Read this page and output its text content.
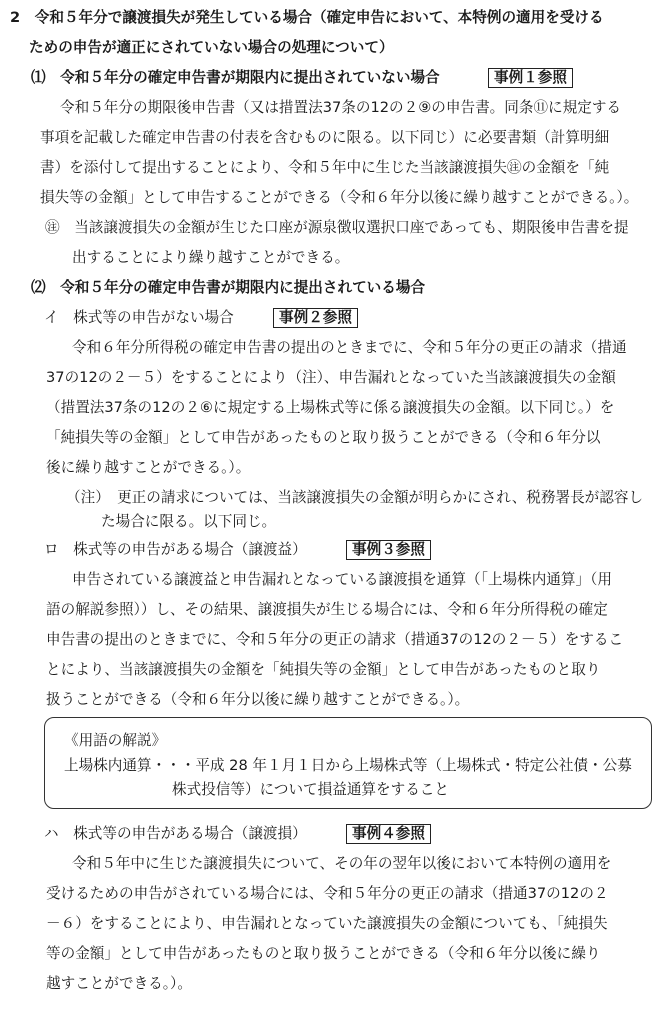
2　令和５年分で譲渡損失が発生している場合（確定申告において、本特例の適用を受ける
ための申告が適正にされていない場合の処理について）
⑴　令和５年分の確定申告書が期限内に提出されていない場合	事例１参照
令和５年分の期限後申告書（又は措置法37条の12の２⑨の申告書。同条⑪に規定する
事項を記載した確定申告書の付表を含むものに限る。以下同じ）に必要書類（計算明細
書）を添付して提出することにより、令和５年中に生じた当該譲渡損失㊟の金額を「純
損失等の金額」として申告することができる（令和６年分以後に繰り越すことができる。）。
㊟　当該譲渡損失の金額が生じた口座が源泉徴収選択口座であっても、期限後申告書を提
出することにより繰り越すことができる。
⑵　令和５年分の確定申告書が期限内に提出されている場合
イ　株式等の申告がない場合	事例２参照
令和６年分所得税の確定申告書の提出のときまでに、令和５年分の更正の請求（措通
37の12の２－５）をすることにより（注）、申告漏れとなっていた当該譲渡損失の金額
（措置法37条の12の２⑥に規定する上場株式等に係る譲渡損失の金額。以下同じ。）を
「純損失等の金額」として申告があったものと取り扱うことができる（令和６年分以
後に繰り越すことができる。）。
（注）　更正の請求については、当該譲渡損失の金額が明らかにされ、税務署長が認容し
た場合に限る。以下同じ。
ロ　株式等の申告がある場合（譲渡益）	事例３参照
申告されている譲渡益と申告漏れとなっている譲渡損を通算（「上場株内通算」（用
語の解説参照））し、その結果、譲渡損失が生じる場合には、令和６年分所得税の確定
申告書の提出のときまでに、令和５年分の更正の請求（措通37の12の２－５）をするこ
とにより、当該譲渡損失の金額を「純損失等の金額」として申告があったものと取り
扱うことができる（令和６年分以後に繰り越すことができる。）。
《用語の解説》
上場株内通算・・・平成 28 年１月１日から上場株式等（上場株式・特定公社債・公募
株式投信等）について損益通算をすること
ハ　株式等の申告がある場合（譲渡損）	事例４参照
令和５年中に生じた譲渡損失について、その年の翌年以後において本特例の適用を
受けるための申告がされている場合には、令和５年分の更正の請求（措通37の12の２
－６）をすることにより、申告漏れとなっていた譲渡損失の金額についても、「純損失
等の金額」として申告があったものと取り扱うことができる（令和６年分以後に繰り
越すことができる。）。
